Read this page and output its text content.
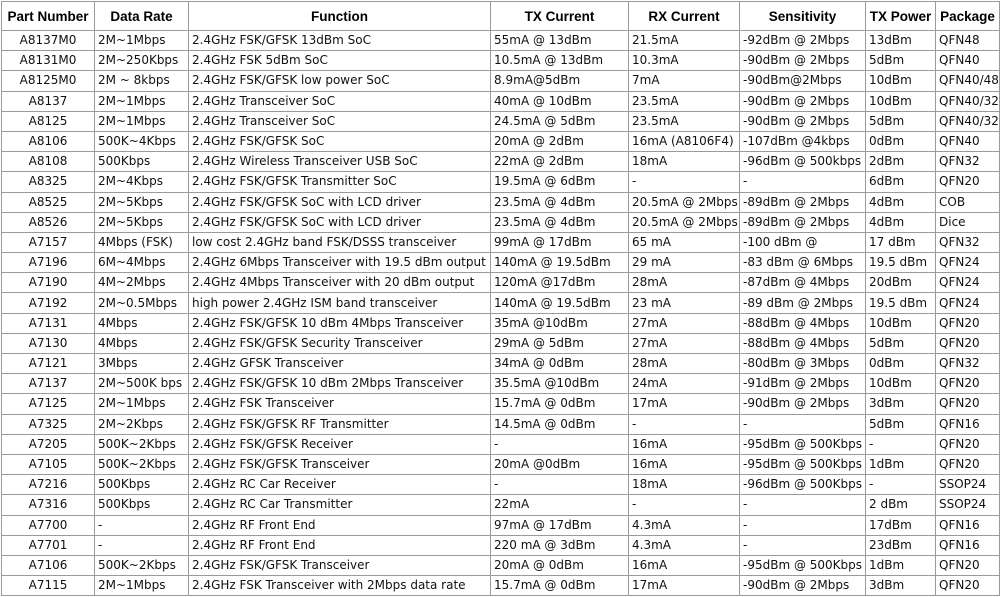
Part Number	Data Rate	Function	TX Current	RX Current	Sensitivity	TX Power	Package
A8137M0	2M~1Mbps	2.4GHz FSK/GFSK 13dBm SoC	55mA @ 13dBm	21.5mA	-92dBm @ 2Mbps	13dBm	QFN48
A8131M0	2M~250Kbps	2.4GHz FSK 5dBm SoC	10.5mA @ 13dBm	10.3mA	-90dBm @ 2Mbps	5dBm	QFN40
A8125M0	2M ~ 8kbps	2.4GHz FSK/GFSK low power SoC	8.9mA@5dBm	7mA	-90dBm@2Mbps	10dBm	QFN40/48
A8137	2M~1Mbps	2.4GHz Transceiver SoC	40mA @ 10dBm	23.5mA	-90dBm @ 2Mbps	10dBm	QFN40/32
A8125	2M~1Mbps	2.4GHz Transceiver SoC	24.5mA @ 5dBm	23.5mA	-90dBm @ 2Mbps	5dBm	QFN40/32
A8106	500K~4Kbps	2.4GHz FSK/GFSK SoC	20mA @ 2dBm	16mA (A8106F4)	-107dBm @4kbps	0dBm	QFN40
A8108	500Kbps	2.4GHz Wireless Transceiver USB SoC	22mA @ 2dBm	18mA	-96dBm @ 500kbps	2dBm	QFN32
A8325	2M~4Kbps	2.4GHz FSK/GFSK Transmitter SoC	19.5mA @ 6dBm	-	-	6dBm	QFN20
A8525	2M~5Kbps	2.4GHz FSK/GFSK SoC with LCD driver	23.5mA @ 4dBm	20.5mA @ 2Mbps	-89dBm @ 2Mbps	4dBm	COB
A8526	2M~5Kbps	2.4GHz FSK/GFSK SoC with LCD driver	23.5mA @ 4dBm	20.5mA @ 2Mbps	-89dBm @ 2Mbps	4dBm	Dice
A7157	4Mbps (FSK)	low cost 2.4GHz band FSK/DSSS transceiver	99mA @ 17dBm	65 mA	-100 dBm @	17 dBm	QFN32
A7196	6M~4Mbps	2.4GHz 6Mbps Transceiver with 19.5 dBm output	140mA @ 19.5dBm	29 mA	-83 dBm @ 6Mbps	19.5 dBm	QFN24
A7190	4M~2Mbps	2.4GHz 4Mbps Transceiver with 20 dBm output	120mA @17dBm	28mA	-87dBm @ 4Mbps	20dBm	QFN24
A7192	2M~0.5Mbps	high power 2.4GHz ISM band transceiver	140mA @ 19.5dBm	23 mA	-89 dBm @ 2Mbps	19.5 dBm	QFN24
A7131	4Mbps	2.4GHz FSK/GFSK 10 dBm 4Mbps Transceiver	35mA @10dBm	27mA	-88dBm @ 4Mbps	10dBm	QFN20
A7130	4Mbps	2.4GHz FSK/GFSK Security Transceiver	29mA @ 5dBm	27mA	-88dBm @ 4Mbps	5dBm	QFN20
A7121	3Mbps	2.4GHz GFSK Transceiver	34mA @ 0dBm	28mA	-80dBm @ 3Mbps	0dBm	QFN32
A7137	2M~500K bps	2.4GHz FSK/GFSK 10 dBm 2Mbps Transceiver	35.5mA @10dBm	24mA	-91dBm @ 2Mbps	10dBm	QFN20
A7125	2M~1Mbps	2.4GHz FSK Transceiver	15.7mA @ 0dBm	17mA	-90dBm @ 2Mbps	3dBm	QFN20
A7325	2M~2Kbps	2.4GHz FSK/GFSK RF Transmitter	14.5mA @ 0dBm	-	-	5dBm	QFN16
A7205	500K~2Kbps	2.4GHz FSK/GFSK Receiver	-	16mA	-95dBm @ 500Kbps	-	QFN20
A7105	500K~2Kbps	2.4GHz FSK/GFSK Transceiver	20mA @0dBm	16mA	-95dBm @ 500Kbps	1dBm	QFN20
A7216	500Kbps	2.4GHz RC Car Receiver	-	18mA	-96dBm @ 500Kbps	-	SSOP24
A7316	500Kbps	2.4GHz RC Car Transmitter	22mA	-	-	2 dBm	SSOP24
A7700	-	2.4GHz RF Front End	97mA @ 17dBm	4.3mA	-	17dBm	QFN16
A7701	-	2.4GHz RF Front End	220 mA @ 3dBm	4.3mA	-	23dBm	QFN16
A7106	500K~2Kbps	2.4GHz FSK/GFSK Transceiver	20mA @ 0dBm	16mA	-95dBm @ 500Kbps	1dBm	QFN20
A7115	2M~1Mbps	2.4GHz FSK Transceiver with 2Mbps data rate	15.7mA @ 0dBm	17mA	-90dBm @ 2Mbps	3dBm	QFN20
